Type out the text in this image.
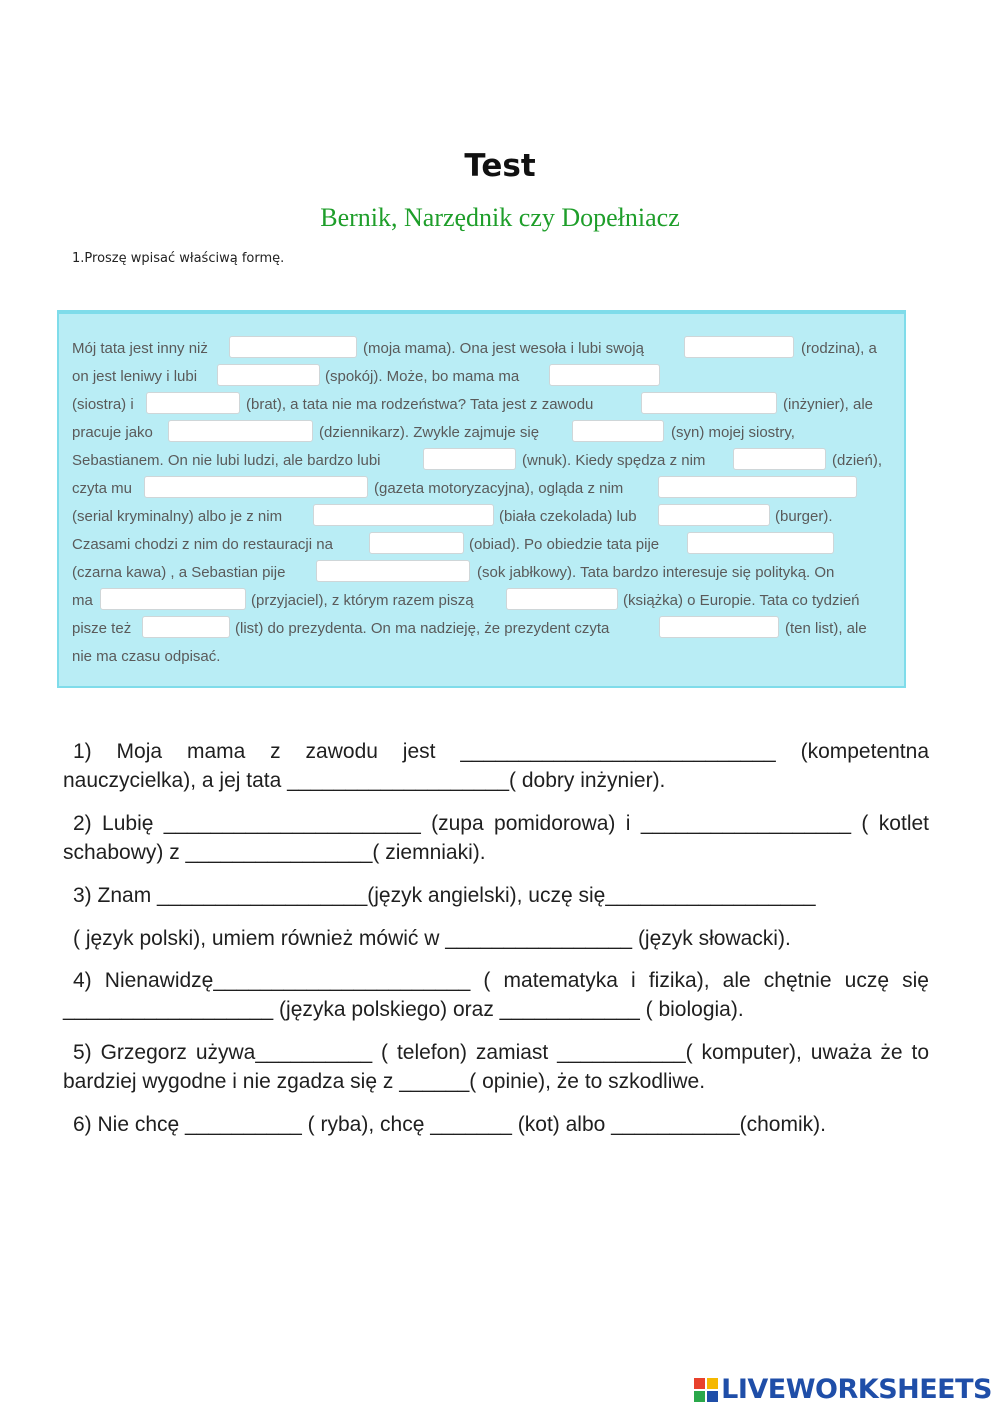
Test
Bernik, Narzędnik czy Dopełniacz
1.Proszę wpisać właściwą formę.
Mój tata jest inny niż	(moja mama). Ona jest wesoła i lubi swoją	(rodzina), a
on jest leniwy i lubi	(spokój). Może, bo mama ma
(siostra) i	(brat), a tata nie ma rodzeństwa? Tata jest z zawodu	(inżynier), ale
pracuje jako	(dziennikarz). Zwykle zajmuje się	(syn) mojej siostry,
Sebastianem. On nie lubi ludzi, ale bardzo lubi	(wnuk). Kiedy spędza z nim	(dzień),
czyta mu	(gazeta motoryzacyjna), ogląda z nim
(serial kryminalny) albo je z nim	(biała czekolada) lub	(burger).
Czasami chodzi z nim do restauracji na	(obiad). Po obiedzie tata pije
(czarna kawa) , a Sebastian pije	(sok jabłkowy). Tata bardzo interesuje się polityką. On
ma	(przyjaciel), z którym razem piszą	(książka) o Europie. Tata co tydzień
pisze też	(list) do prezydenta. On ma nadzieję, że prezydent czyta	(ten list), ale
nie ma czasu odpisać.
1) Moja mama z zawodu jest ___________________________ (kompetentna nauczycielka), a jej tata ___________________( dobry inżynier).
2) Lubię ______________________ (zupa pomidorowa) i __________________ ( kotlet schabowy) z ________________( ziemniaki).
3) Znam __________________(język angielski), uczę się__________________
( język polski), umiem również mówić w ________________ (język słowacki).
4) Nienawidzę______________________ ( matematyka i fizika), ale chętnie uczę się __________________ (języka polskiego) oraz ____________ ( biologia).
5) Grzegorz używa__________ ( telefon) zamiast ___________( komputer), uważa że to bardziej wygodne i nie zgadza się z ______( opinie), że to szkodliwe.
6) Nie chcę __________ ( ryba), chcę _______ (kot) albo ___________(chomik).
LIVEWORKSHEETS
